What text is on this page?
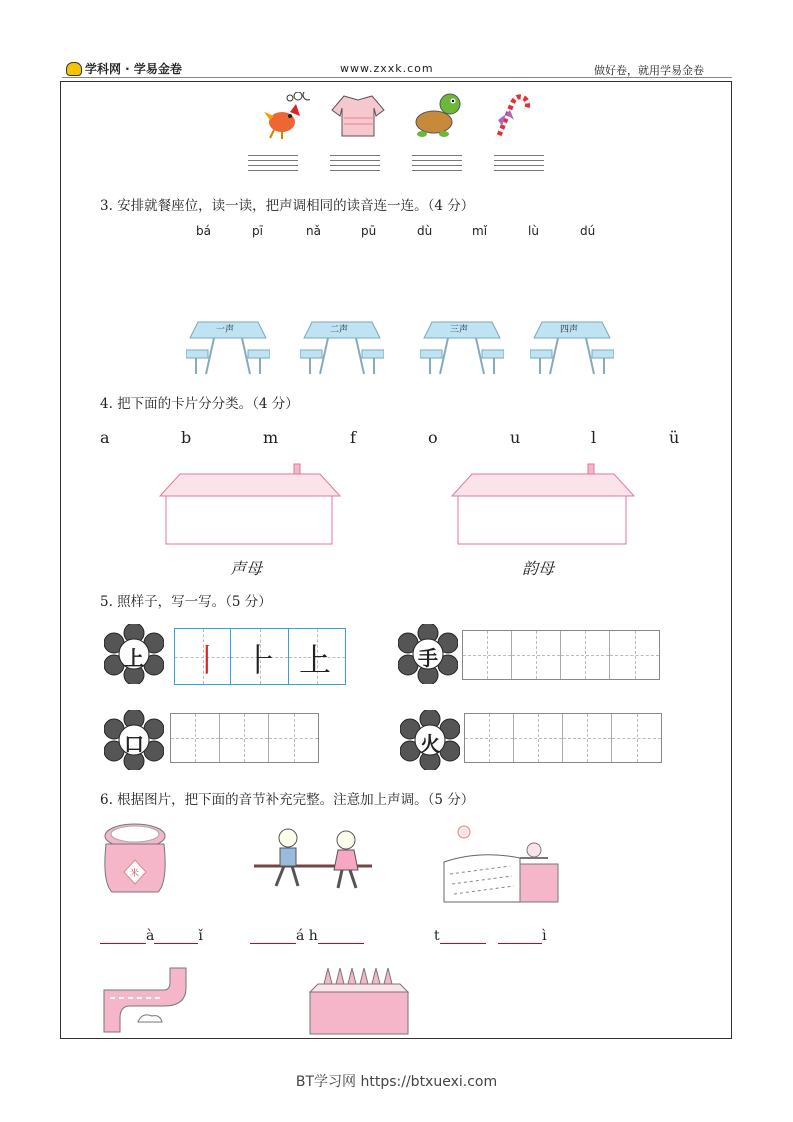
学科网 · 学易金卷	www.zxxk.com	做好卷，就用学易金卷
3. 安排就餐座位，读一读，把声调相同的读音连一连。（4 分）
bá	pī	nǎ	pū	dù	mǐ	lù	dú
一声	二声	三声	四声
4. 把下面的卡片分分类。（4 分）
a	b	m	f	o	u	l	ü
声母	韵母
5. 照样子，写一写。（5 分）
上	手
口	火
丨 ⺊ 上
6. 根据图片，把下面的音节补充完整。注意加上声调。（5 分）
米
à	ǐ	á h	t	ì
BT学习网 https://btxuexi.com
